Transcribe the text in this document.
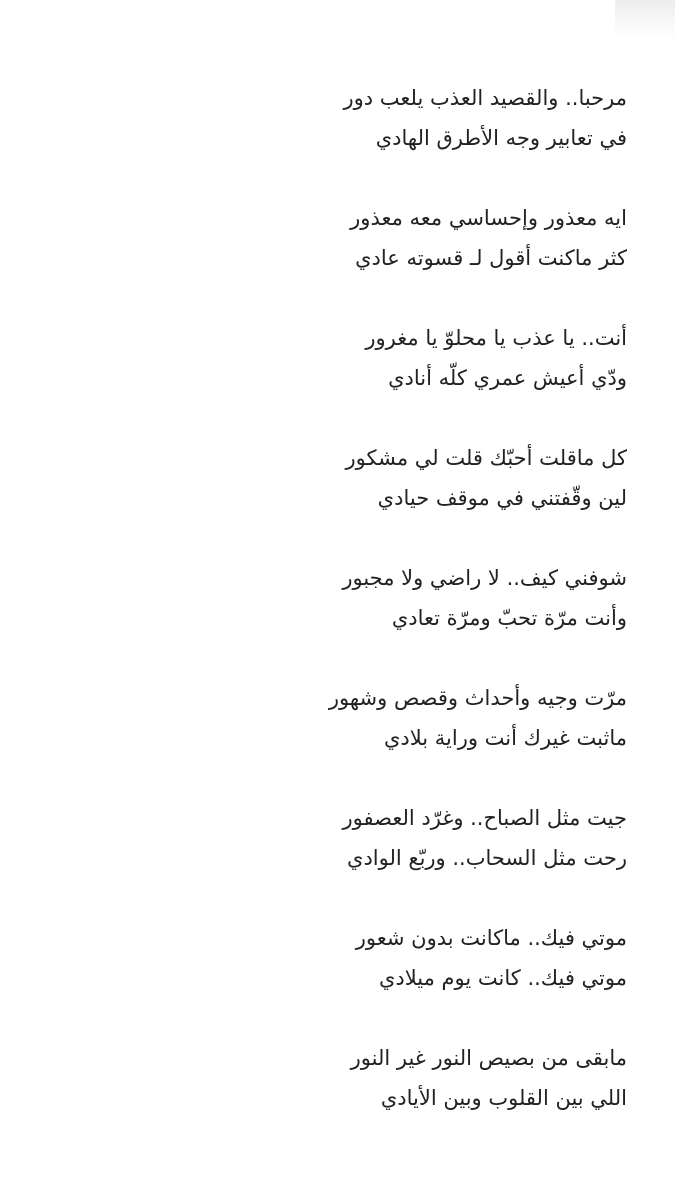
مرحبا.. والقصيد العذب يلعب دور
في تعابير وجه الأطرق الهادي
ايه معذور وإحساسي معه معذور
كثر ماكنت أقول لـ قسوته عادي
أنت.. يا عذب يا محلوّ يا مغرور
ودّي أعيش عمري كلّه أنادي
كل ماقلت أحبّك قلت لي مشكور
لين وقّفتني في موقف حيادي
شوفني كيف.. لا راضي ولا مجبور
وأنت مرّة تحبّ ومرّة تعادي
مرّت وجيه وأحداث وقصص وشهور
ماثبت غيرك أنت وراية بلادي
جيت مثل الصباح.. وغرّد العصفور
رحت مثل السحاب.. وربّع الوادي
موتي فيك.. ماكانت بدون شعور
موتي فيك.. كانت يوم ميلادي
مابقى من بصيص النور غير النور
اللي بين القلوب وبين الأيادي
